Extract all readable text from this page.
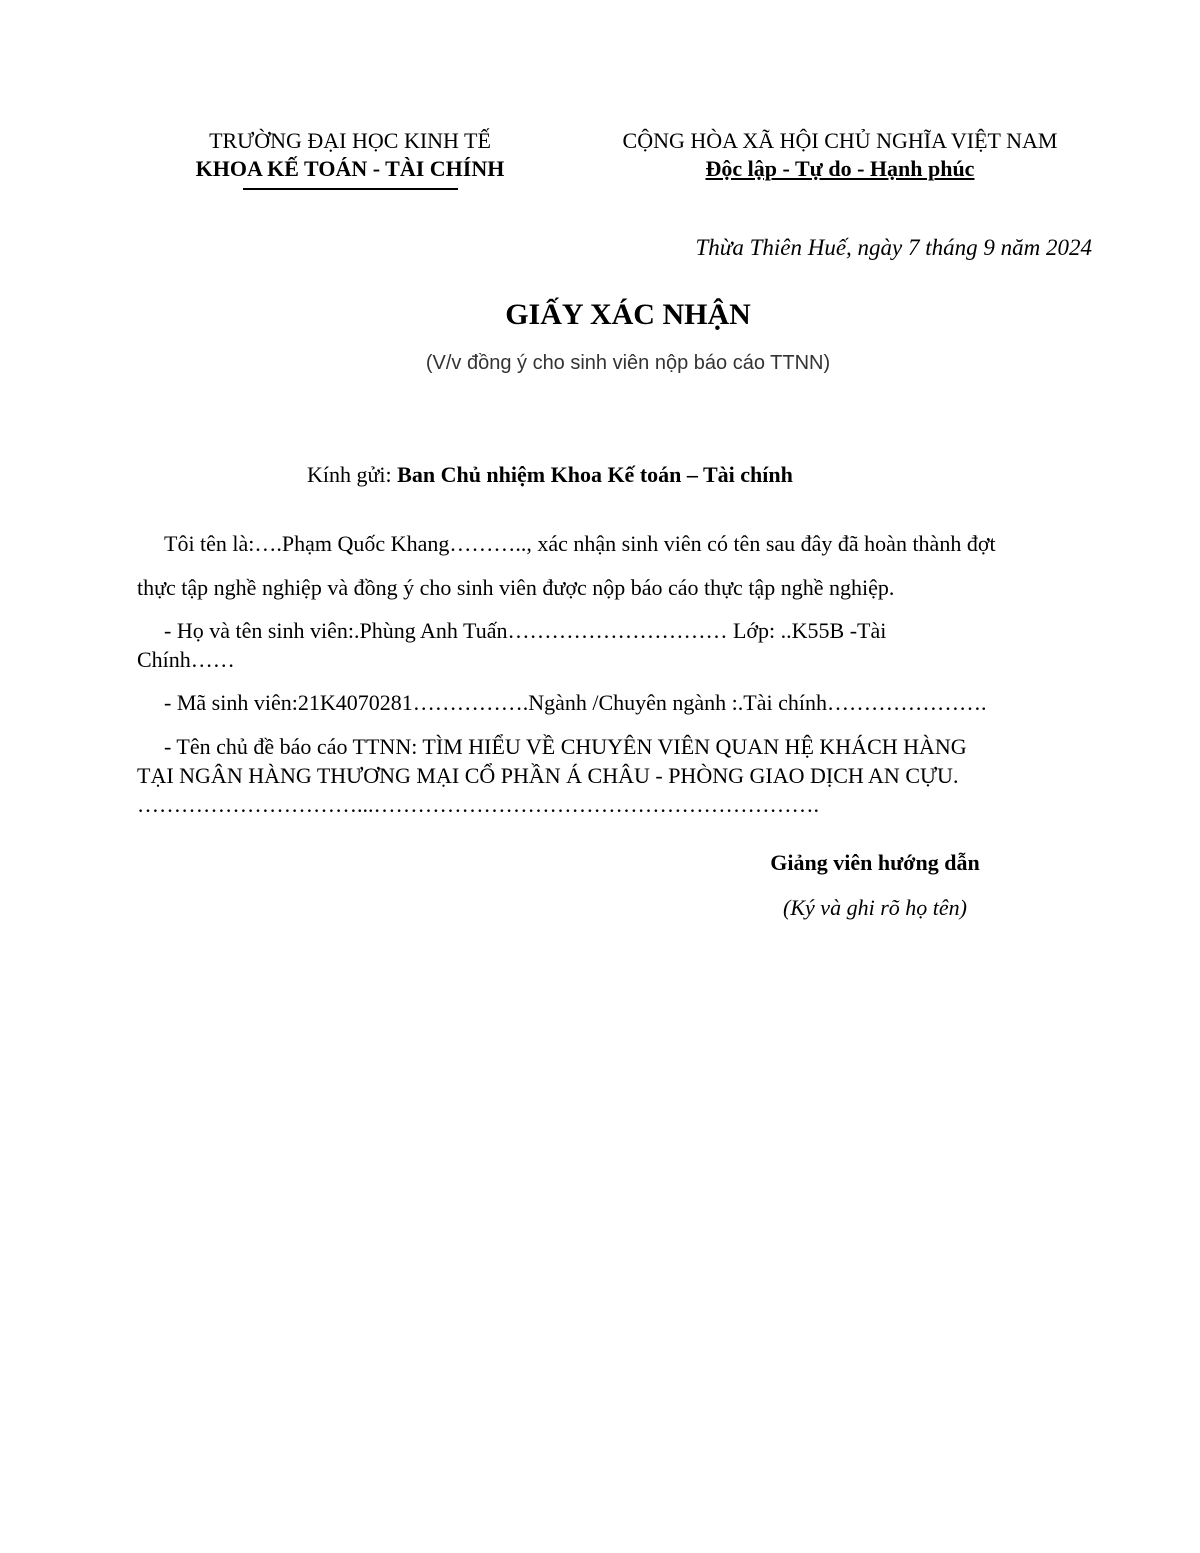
TRƯỜNG ĐẠI HỌC KINH TẾ
KHOA KẾ TOÁN - TÀI CHÍNH
CỘNG HÒA XÃ HỘI CHỦ NGHĨA VIỆT NAM
Độc lập - Tự do - Hạnh phúc
Thừa Thiên Huế, ngày 7 tháng 9 năm 2024
GIẤY XÁC NHẬN
(V/v đồng ý cho sinh viên nộp báo cáo TTNN)
Kính gửi: Ban Chủ nhiệm Khoa Kế toán – Tài chính
Tôi tên là:….Phạm Quốc Khang……….., xác nhận sinh viên có tên sau đây đã hoàn thành đợt
thực tập nghề nghiệp và đồng ý cho sinh viên được nộp báo cáo thực tập nghề nghiệp.
- Họ và tên sinh viên:.Phùng Anh Tuấn………………………… Lớp: ..K55B -Tài
Chính……
- Mã sinh viên:21K4070281…………….Ngành /Chuyên ngành :.Tài chính………………….
- Tên chủ đề báo cáo TTNN: TÌM HIỂU VỀ CHUYÊN VIÊN QUAN HỆ KHÁCH HÀNG
TẠI NGÂN HÀNG THƯƠNG MẠI CỔ PHẦN Á CHÂU - PHÒNG GIAO DỊCH AN CỰU.
…………………………...…………………………………………………….
Giảng viên hướng dẫn
(Ký và ghi rõ họ tên)
